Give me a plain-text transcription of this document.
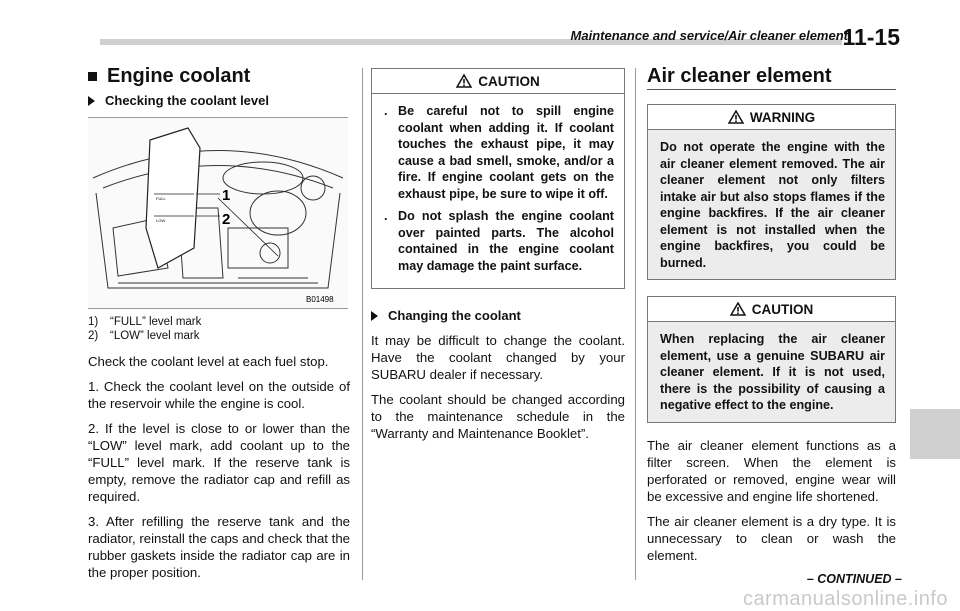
Maintenance and service/Air cleaner element
11-15
Engine coolant
Checking the coolant level
FULL
LOW
1
2
B01498
1)	“FULL” level mark
2)	“LOW” level mark

Check the coolant level at each fuel stop.

1. Check the coolant level on the outside of the reservoir while the engine is cool.

2. If the level is close to or lower than the “LOW” level mark, add coolant up to the “FULL” level mark. If the reserve tank is empty, remove the radiator cap and refill as required.

3. After refilling the reserve tank and the radiator, reinstall the caps and check that the rubber gaskets inside the radiator cap are in the proper position.

CAUTION
. Be careful not to spill engine coolant when adding it. If coolant touches the exhaust pipe, it may cause a bad smell, smoke, and/or a fire. If engine coolant gets on the exhaust pipe, be sure to wipe it off.
. Do not splash the engine coolant over painted parts. The alcohol contained in the engine coolant may damage the paint surface.
Changing the coolant

It may be difficult to change the coolant. Have the coolant changed by your SUBARU dealer if necessary.

The coolant should be changed according to the maintenance schedule in the “Warranty and Maintenance Booklet”.

Air cleaner element
WARNING
Do not operate the engine with the air cleaner element removed. The air cleaner element not only filters intake air but also stops flames if the engine backfires. If the air cleaner element is not installed when the engine backfires, you could be burned.
CAUTION
When replacing the air cleaner element, use a genuine SUBARU air cleaner element. If it is not used, there is the possibility of causing a negative effect to the engine.

The air cleaner element functions as a filter screen. When the element is perforated or removed, engine wear will be excessive and engine life shortened.

The air cleaner element is a dry type. It is unnecessary to clean or wash the element.

– CONTINUED –
carmanualsonline.info
